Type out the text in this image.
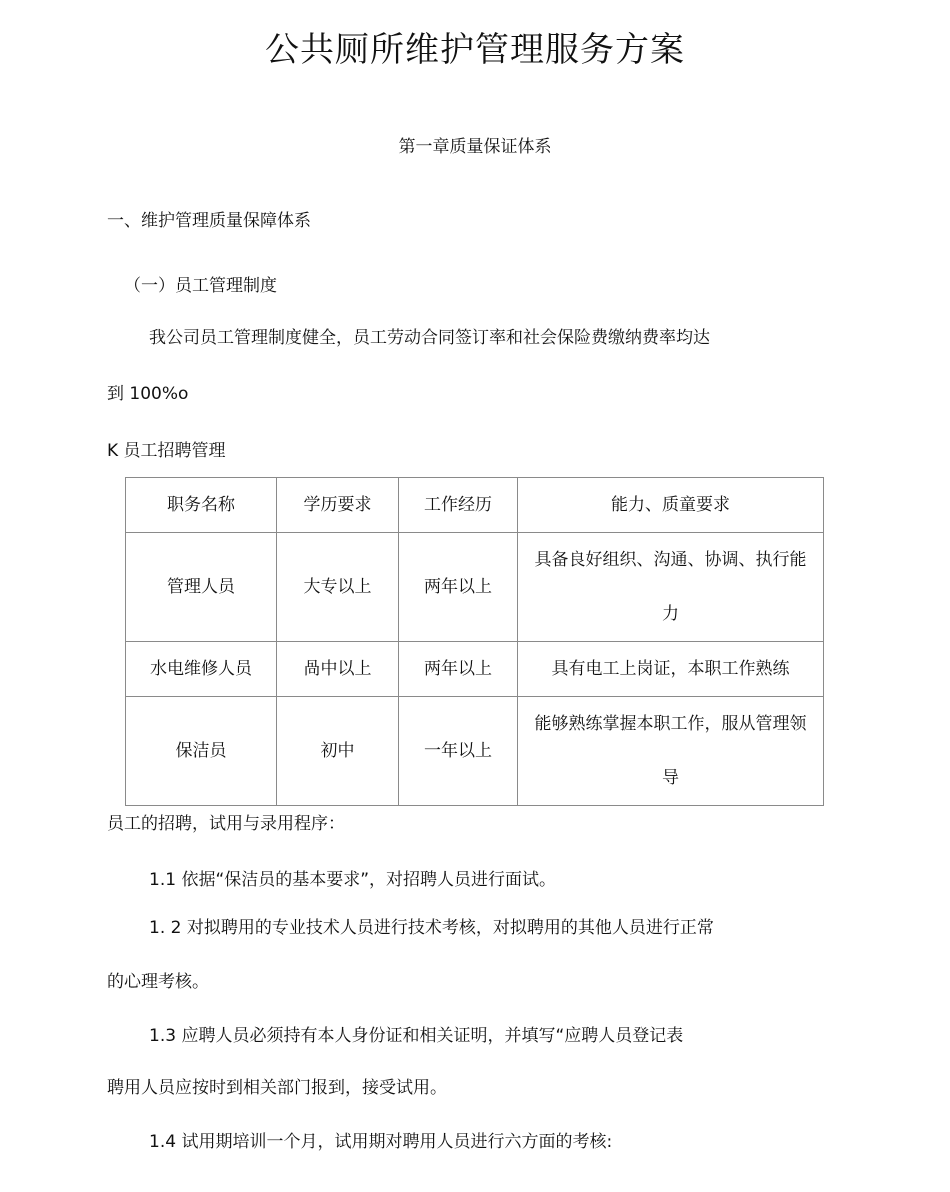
公共厕所维护管理服务方案
第一章质量保证体系
一、维护管理质量保障体系
（一）员工管理制度
我公司员工管理制度健全，员工劳动合同签订率和社会保险费缴纳费率均达
到 100%o
K 员工招聘管理
职务名称	学历要求	工作经历	能力、质童要求
管理人员	大专以上	两年以上	具备良好组织、沟通、协调、执行能力
水电维修人员	咼中以上	两年以上	具有电工上岗证，本职工作熟练
保洁员	初中	一年以上	能够熟练掌握本职工作，服从管理领导
员工的招聘，试用与录用程序：
1.1 依据“保洁员的基本要求”，对招聘人员进行面试。
1. 2 对拟聘用的专业技术人员进行技术考核，对拟聘用的其他人员进行正常
的心理考核。
1.3 应聘人员必须持有本人身份证和相关证明，并填写“应聘人员登记表
聘用人员应按时到相关部门报到，接受试用。
1.4 试用期培训一个月，试用期对聘用人员进行六方面的考核:
